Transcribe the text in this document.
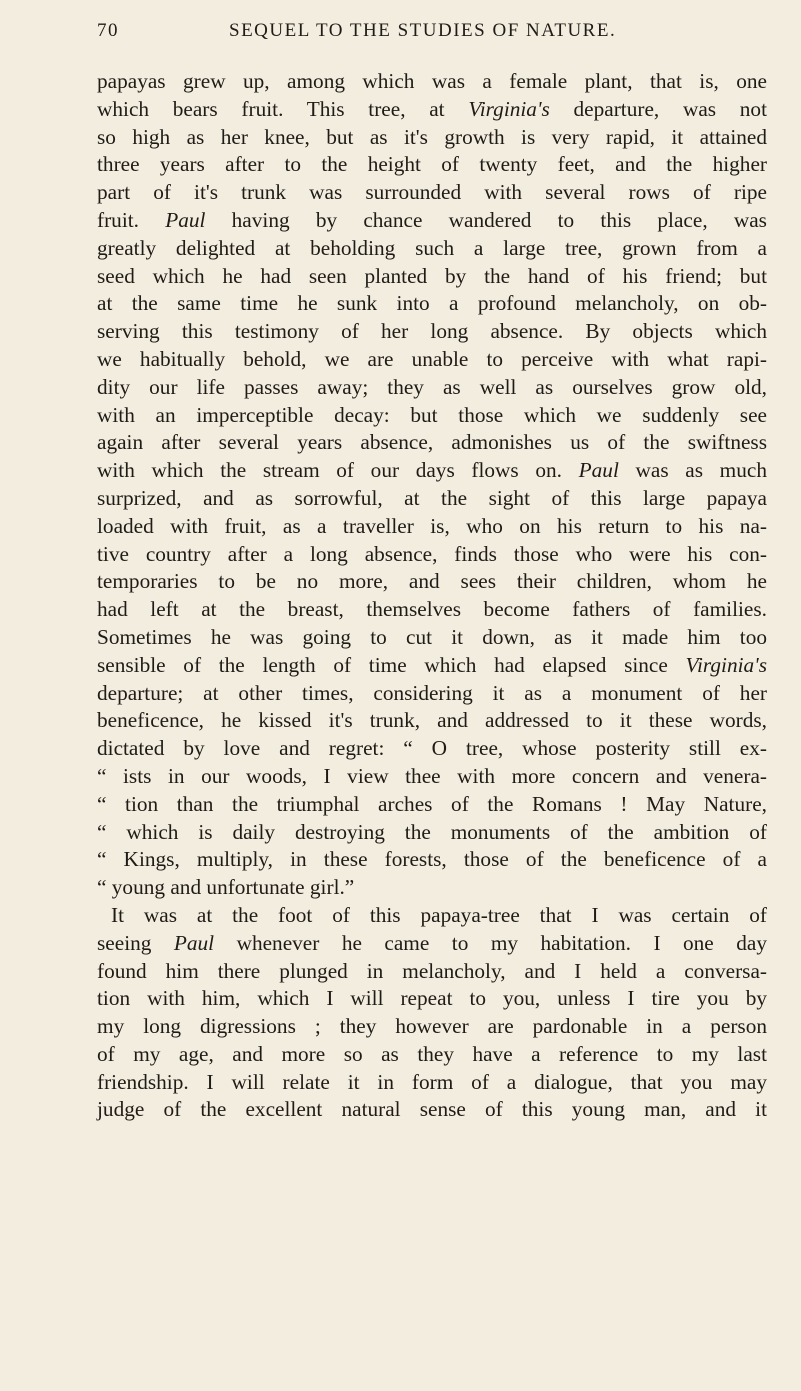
70	SEQUEL TO THE STUDIES OF NATURE.
papayas grew up, among which was a female plant, that is, one
which bears fruit. This tree, at Virginia's departure, was not
so high as her knee, but as it's growth is very rapid, it attained
three years after to the height of twenty feet, and the higher
part of it's trunk was surrounded with several rows of ripe
fruit. Paul having by chance wandered to this place, was
greatly delighted at beholding such a large tree, grown from a
seed which he had seen planted by the hand of his friend; but
at the same time he sunk into a profound melancholy, on ob-
serving this testimony of her long absence. By objects which
we habitually behold, we are unable to perceive with what rapi-
dity our life passes away; they as well as ourselves grow old,
with an imperceptible decay: but those which we suddenly see
again after several years absence, admonishes us of the swiftness
with which the stream of our days flows on. Paul was as much
surprized, and as sorrowful, at the sight of this large papaya
loaded with fruit, as a traveller is, who on his return to his na-
tive country after a long absence, finds those who were his con-
temporaries to be no more, and sees their children, whom he
had left at the breast, themselves become fathers of families.
Sometimes he was going to cut it down, as it made him too
sensible of the length of time which had elapsed since Virginia's
departure; at other times, considering it as a monument of her
beneficence, he kissed it's trunk, and addressed to it these words,
dictated by love and regret: “ O tree, whose posterity still ex-
“ ists in our woods, I view thee with more concern and venera-
“ tion than the triumphal arches of the Romans ! May Nature,
“ which is daily destroying the monuments of the ambition of
“ Kings, multiply, in these forests, those of the beneficence of a
“ young and unfortunate girl.”
It was at the foot of this papaya-tree that I was certain of
seeing Paul whenever he came to my habitation. I one day
found him there plunged in melancholy, and I held a conversa-
tion with him, which I will repeat to you, unless I tire you by
my long digressions ; they however are pardonable in a person
of my age, and more so as they have a reference to my last
friendship. I will relate it in form of a dialogue, that you may
judge of the excellent natural sense of this young man, and it
